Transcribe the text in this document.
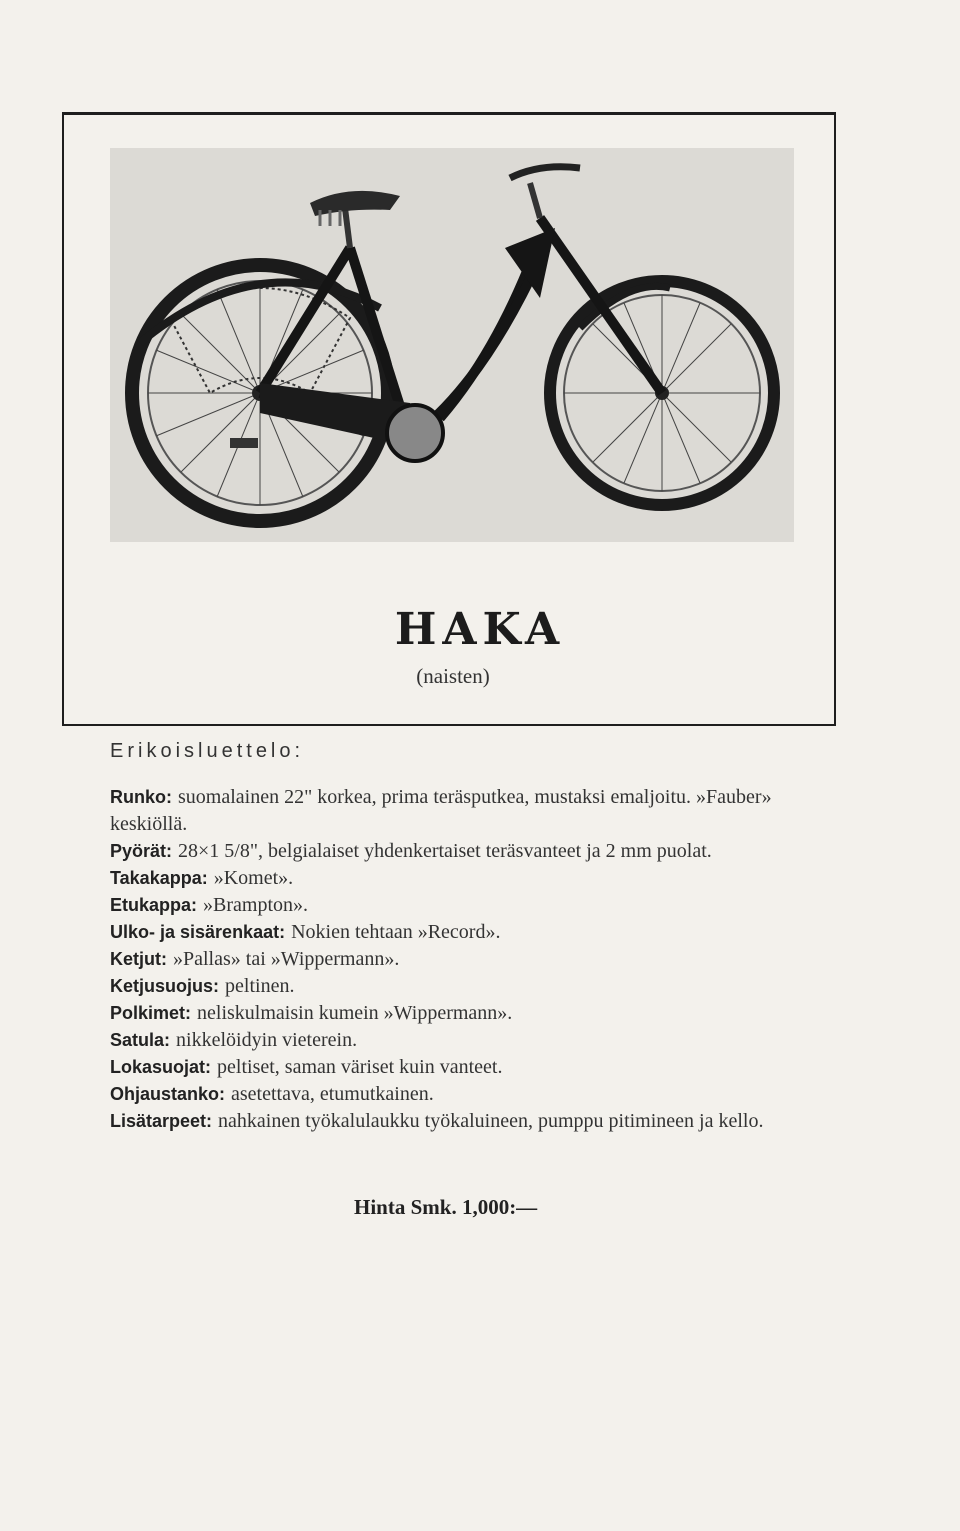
HAKA
(naisten)
Erikoisluettelo:
Runko: suomalainen 22" korkea, prima teräsputkea, mustaksi emaljoitu. »Fauber» keskiöllä.
Pyörät: 28×1 5/8", belgialaiset yhdenkertaiset teräsvanteet ja 2 mm puolat.
Takakappa: »Komet».
Etukappa: »Brampton».
Ulko- ja sisärenkaat: Nokien tehtaan »Record».
Ketjut: »Pallas» tai »Wippermann».
Ketjusuojus: peltinen.
Polkimet: neliskulmaisin kumein »Wippermann».
Satula: nikkelöidyin vieterein.
Lokasuojat: peltiset, saman väriset kuin vanteet.
Ohjaustanko: asetettava, etumutkainen.
Lisätarpeet: nahkainen työkalulaukku työkaluineen, pumppu pitimineen ja kello.
Hinta Smk. 1,000:—
